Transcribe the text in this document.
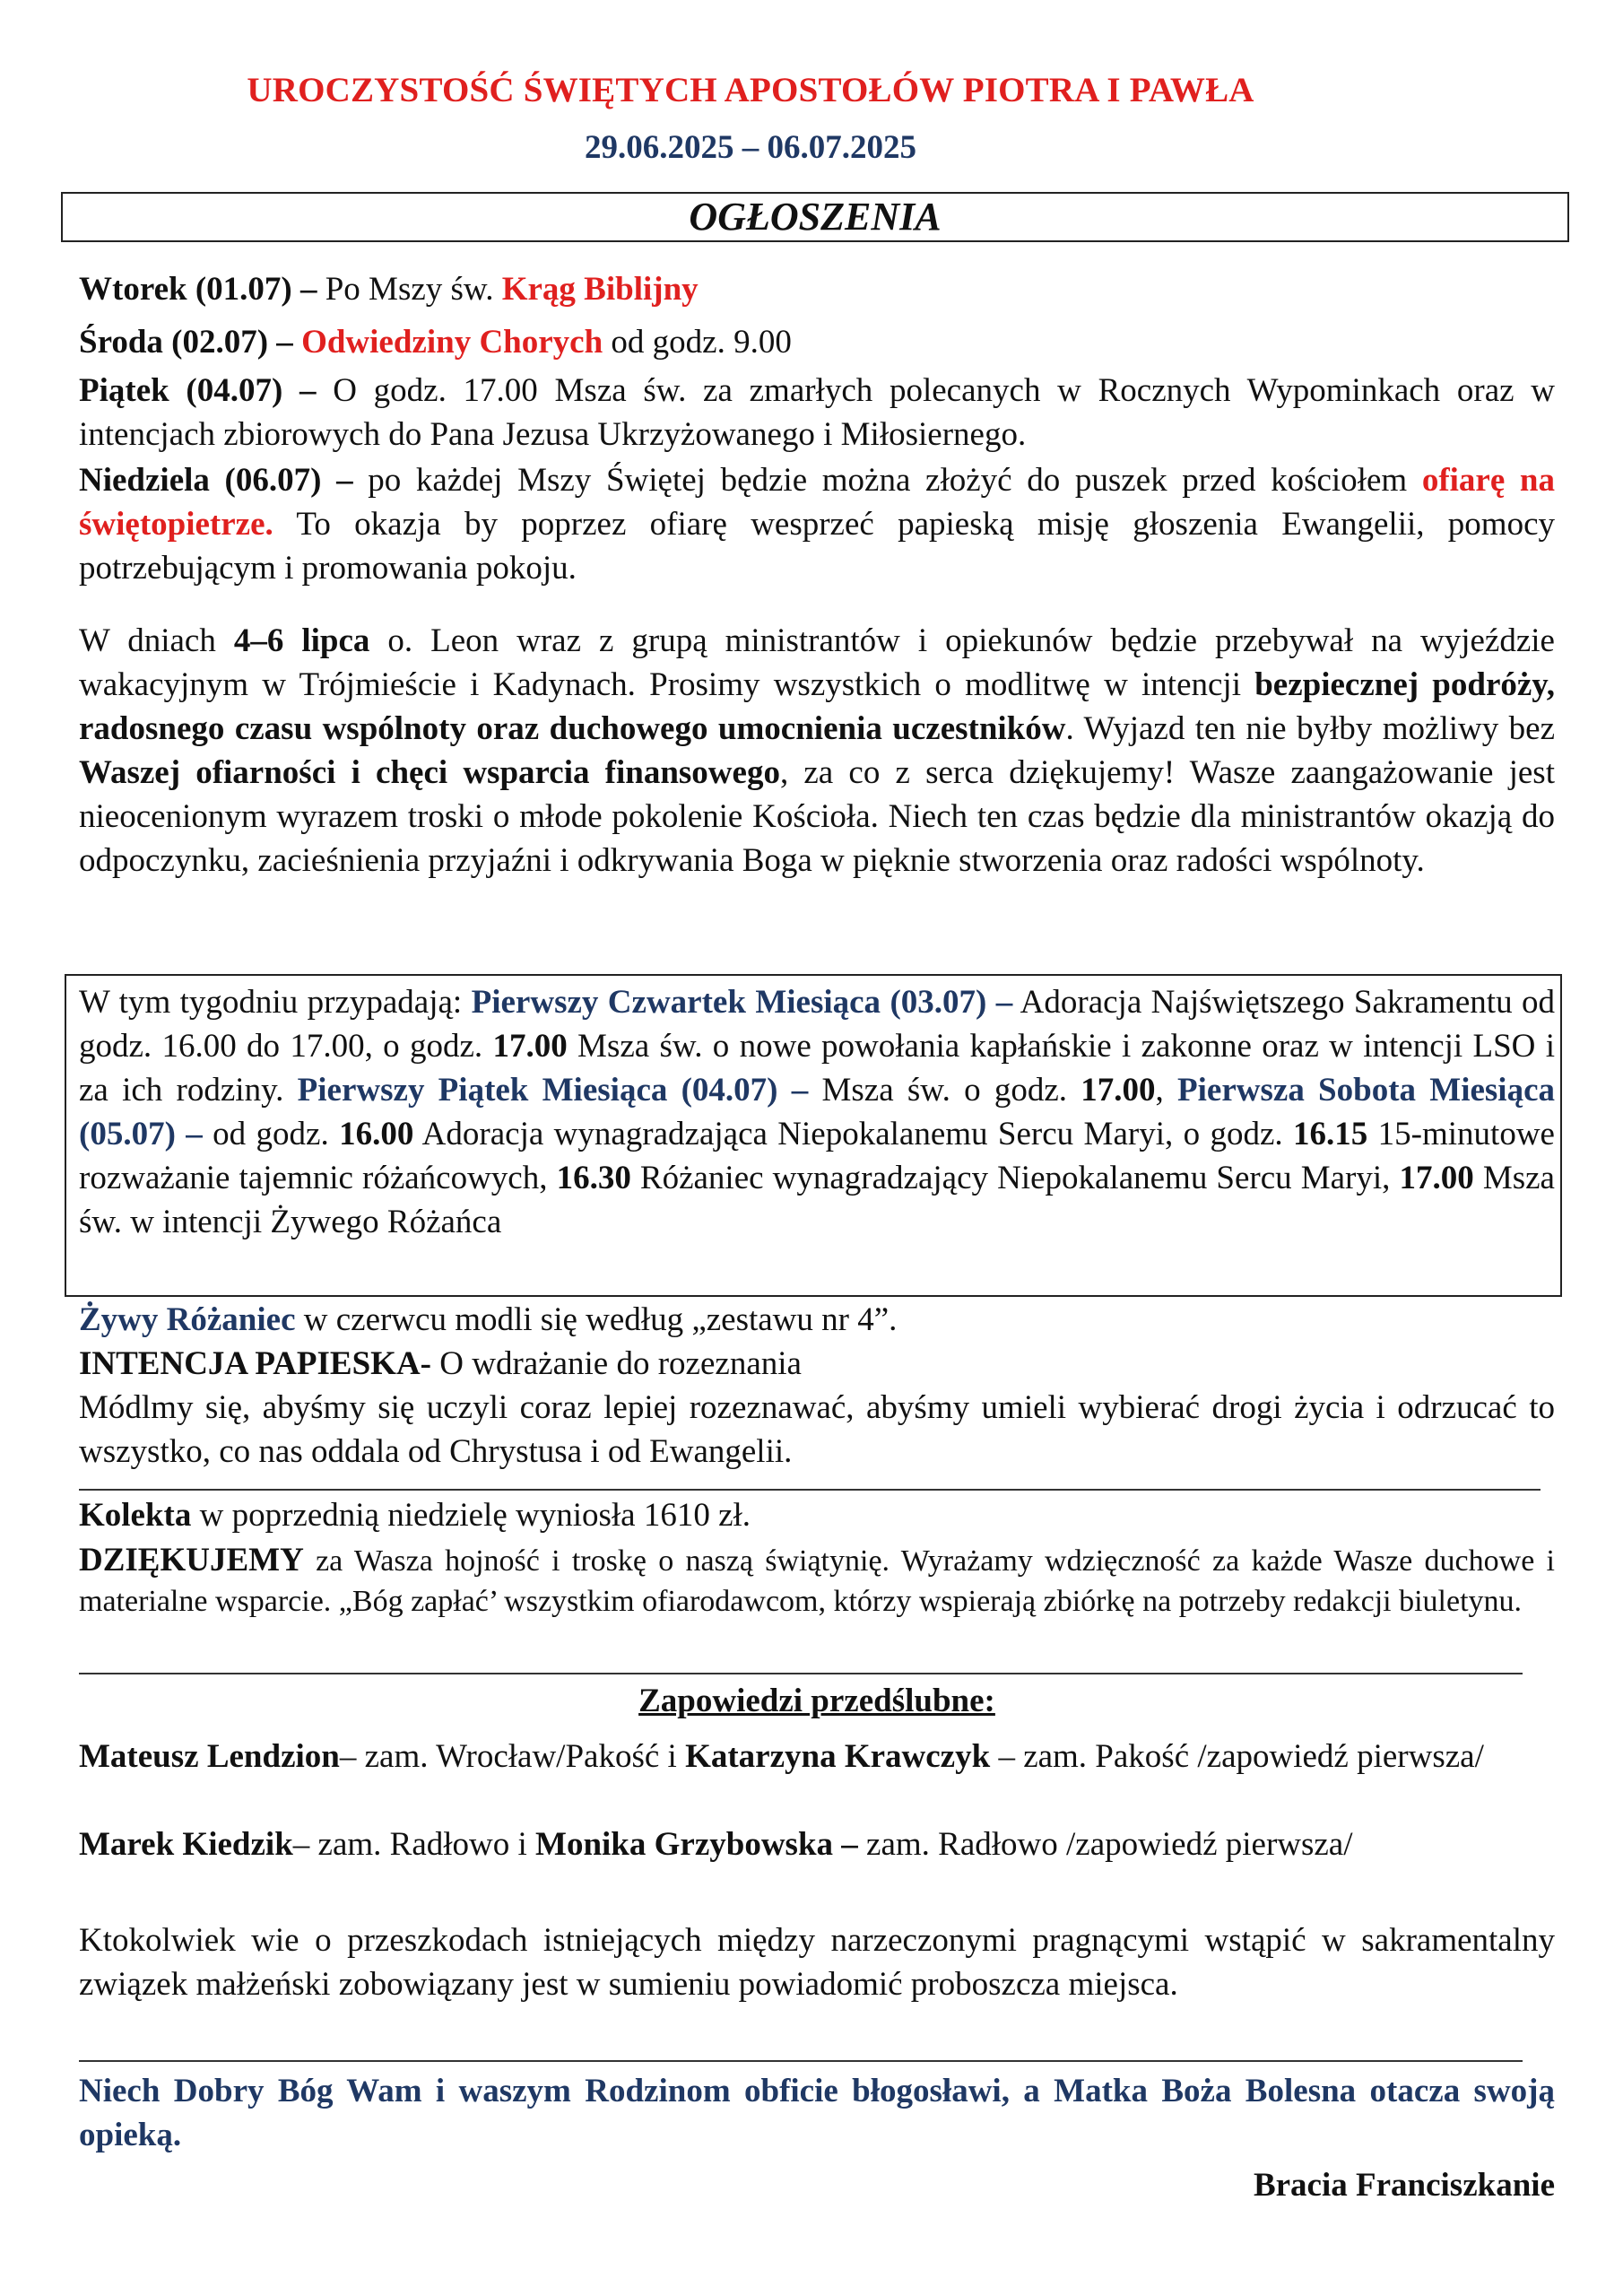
UROCZYSTOŚĆ ŚWIĘTYCH APOSTOŁÓW PIOTRA I PAWŁA
29.06.2025 – 06.07.2025
OGŁOSZENIA
Wtorek (01.07) – Po Mszy św. Krąg Biblijny
Środa (02.07) – Odwiedziny Chorych od godz. 9.00
Piątek (04.07) – O godz. 17.00 Msza św. za zmarłych polecanych w Rocznych Wypominkach oraz w intencjach zbiorowych do Pana Jezusa Ukrzyżowanego i Miłosiernego.
Niedziela (06.07) – po każdej Mszy Świętej będzie można złożyć do puszek przed kościołem ofiarę na świętopietrze. To okazja by poprzez ofiarę wesprzeć papieską misję głoszenia Ewangelii, pomocy potrzebującym i promowania pokoju.
W dniach 4–6 lipca o. Leon wraz z grupą ministrantów i opiekunów będzie przebywał na wyjeździe wakacyjnym w Trójmieście i Kadynach. Prosimy wszystkich o modlitwę w intencji bezpiecznej podróży, radosnego czasu wspólnoty oraz duchowego umocnienia uczestników. Wyjazd ten nie byłby możliwy bez Waszej ofiarności i chęci wsparcia finansowego, za co z serca dziękujemy! Wasze zaangażowanie jest nieocenionym wyrazem troski o młode pokolenie Kościoła. Niech ten czas będzie dla ministrantów okazją do odpoczynku, zacieśnienia przyjaźni i odkrywania Boga w pięknie stworzenia oraz radości wspólnoty.
W tym tygodniu przypadają: Pierwszy Czwartek Miesiąca (03.07) – Adoracja Najświętszego Sakramentu od godz. 16.00 do 17.00, o godz. 17.00 Msza św. o nowe powołania kapłańskie i zakonne oraz w intencji LSO i za ich rodziny. Pierwszy Piątek Miesiąca (04.07) – Msza św. o godz. 17.00, Pierwsza Sobota Miesiąca (05.07) – od godz. 16.00 Adoracja wynagradzająca Niepokalanemu Sercu Maryi, o godz. 16.15 15-minutowe rozważanie tajemnic różańcowych, 16.30 Różaniec wynagradzający Niepokalanemu Sercu Maryi, 17.00 Msza św. w intencji Żywego Różańca
Żywy Różaniec w czerwcu modli się według „zestawu nr 4”.
INTENCJA PAPIESKA- O wdrażanie do rozeznania
Módlmy się, abyśmy się uczyli coraz lepiej rozeznawać, abyśmy umieli wybierać drogi życia i odrzucać to wszystko, co nas oddala od Chrystusa i od Ewangelii.
Kolekta w poprzednią niedzielę wyniosła 1610 zł.
DZIĘKUJEMY za Wasza hojność i troskę o naszą świątynię. Wyrażamy wdzięczność za każde Wasze duchowe i materialne wsparcie. „Bóg zapłać’ wszystkim ofiarodawcom, którzy wspierają zbiórkę na potrzeby redakcji biuletynu.
Zapowiedzi przedślubne:
Mateusz Lendzion– zam. Wrocław/Pakość i Katarzyna Krawczyk – zam. Pakość /zapowiedź pierwsza/
Marek Kiedzik– zam. Radłowo i Monika Grzybowska – zam. Radłowo /zapowiedź pierwsza/
Ktokolwiek wie o przeszkodach istniejących między narzeczonymi pragnącymi wstąpić w sakramentalny związek małżeński zobowiązany jest w sumieniu powiadomić proboszcza miejsca.
Niech Dobry Bóg Wam i waszym Rodzinom obficie błogosławi, a Matka Boża Bolesna otacza swoją opieką.
Bracia Franciszkanie
